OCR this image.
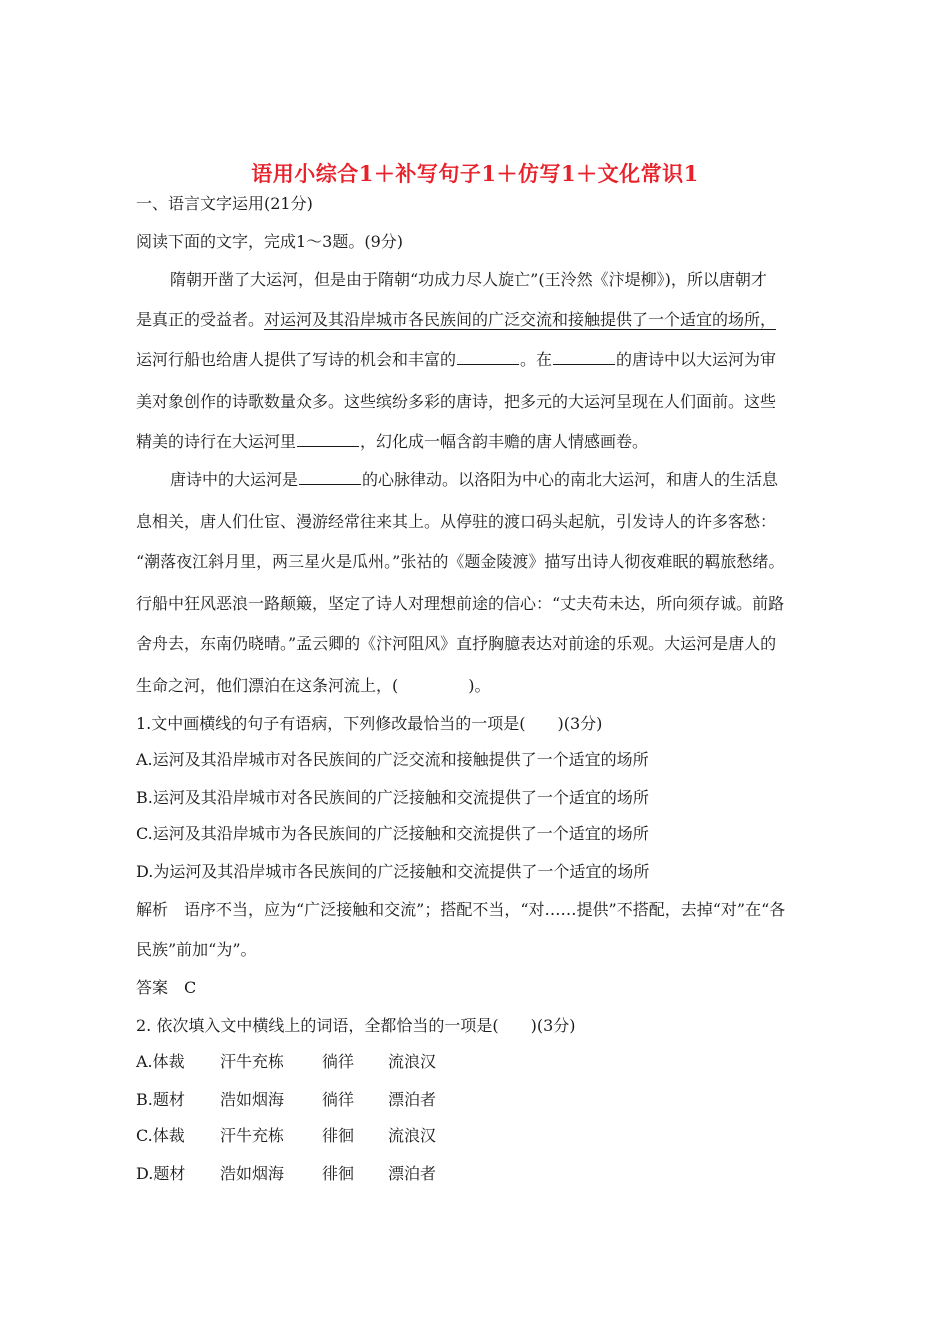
语用小综合1＋补写句子1＋仿写1＋文化常识1
一、语言文字运用(21分)
阅读下面的文字，完成1～3题。(9分)
隋朝开凿了大运河，但是由于隋朝“功成力尽人旋亡”(王泠然《汴堤柳》)，所以唐朝才
是真正的受益者。对运河及其沿岸城市各民族间的广泛交流和接触提供了一个适宜的场所，
运河行船也给唐人提供了写诗的机会和丰富的	。在	的唐诗中以大运河为审
美对象创作的诗歌数量众多。这些缤纷多彩的唐诗，把多元的大运河呈现在人们面前。这些
精美的诗行在大运河里	，幻化成一幅含韵丰赡的唐人情感画卷。
唐诗中的大运河是	的心脉律动。以洛阳为中心的南北大运河，和唐人的生活息
息相关，唐人们仕宦、漫游经常往来其上。从停驻的渡口码头起航，引发诗人的许多客愁：
“潮落夜江斜月里，两三星火是瓜州。”张祜的《题金陵渡》描写出诗人彻夜难眠的羁旅愁绪。
行船中狂风恶浪一路颠簸，坚定了诗人对理想前途的信心：“丈夫苟未达，所向须存诚。前路
舍舟去，东南仍晓晴。”孟云卿的《汴河阻风》直抒胸臆表达对前途的乐观。大运河是唐人的
生命之河，他们漂泊在这条河流上，(	)。
1.文中画横线的句子有语病，下列修改最恰当的一项是(　　)(3分)
A.运河及其沿岸城市对各民族间的广泛交流和接触提供了一个适宜的场所
B.运河及其沿岸城市对各民族间的广泛接触和交流提供了一个适宜的场所
C.运河及其沿岸城市为各民族间的广泛接触和交流提供了一个适宜的场所
D.为运河及其沿岸城市各民族间的广泛接触和交流提供了一个适宜的场所
解析　语序不当，应为“广泛接触和交流”；搭配不当，“对……提供”不搭配，去掉“对”在“各
民族”前加“为”。
答案　C
2. 依次填入文中横线上的词语，全都恰当的一项是(　　)(3分)
A.体裁 汗牛充栋 徜徉 流浪汉
B.题材 浩如烟海 徜徉 漂泊者
C.体裁 汗牛充栋 徘徊 流浪汉
D.题材 浩如烟海 徘徊 漂泊者
